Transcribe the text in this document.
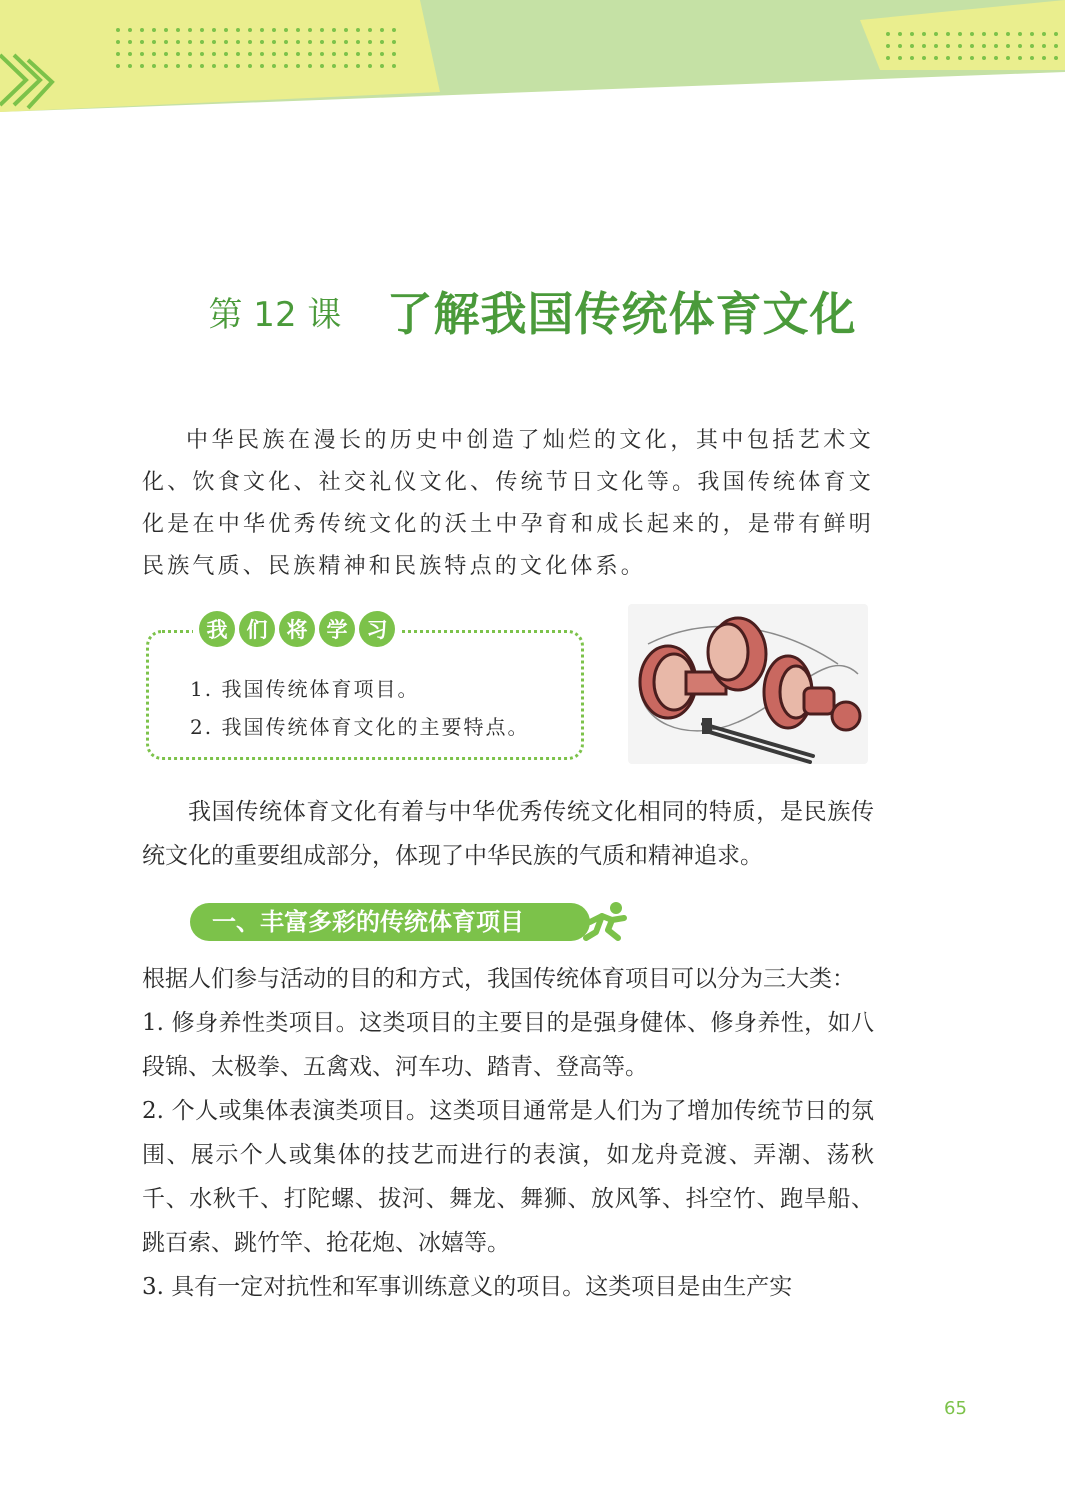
第 12 课 了解我国传统体育文化

中华民族在漫长的历史中创造了灿烂的文化，其中包括艺术文化、饮食文化、社交礼仪文化、传统节日文化等。我国传统体育文化是在中华优秀传统文化的沃土中孕育和成长起来的，是带有鲜明民族气质、民族精神和民族特点的文化体系。

我 们 将 学 习
1. 我国传统体育项目。
2. 我国传统体育文化的主要特点。

我国传统体育文化有着与中华优秀传统文化相同的特质，是民族传统文化的重要组成部分，体现了中华民族的气质和精神追求。

一、丰富多彩的传统体育项目

根据人们参与活动的目的和方式，我国传统体育项目可以分为三大类：

1. 修身养性类项目。这类项目的主要目的是强身健体、修身养性，如八段锦、太极拳、五禽戏、河车功、踏青、登高等。

2. 个人或集体表演类项目。这类项目通常是人们为了增加传统节日的氛围、展示个人或集体的技艺而进行的表演，如龙舟竞渡、弄潮、荡秋千、水秋千、打陀螺、拔河、舞龙、舞狮、放风筝、抖空竹、跑旱船、跳百索、跳竹竿、抢花炮、冰嬉等。

3. 具有一定对抗性和军事训练意义的项目。这类项目是由生产实

65
